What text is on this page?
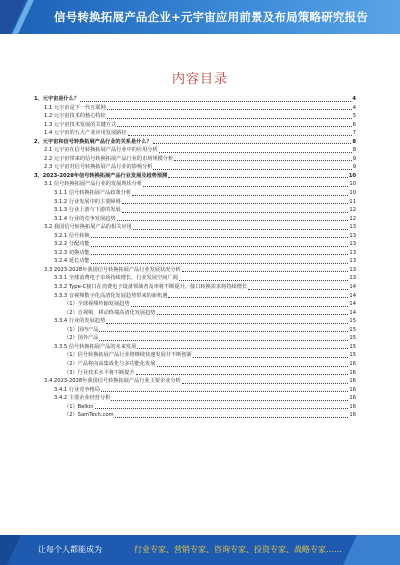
信号转换拓展产品企业+元宇宙应用前景及布局策略研究报告
内容目录
1、元宇宙是什么？	4
1.1 元宇宙是下一代互联网	4
1.2 元宇宙技术的核心特征	5
1.3 元宇宙技术发展的关键方式	6
1.4 元宇宙的五大产业应用发展路径	7
2、元宇宙和信号转换拓展产品行业的关系是什么？	8
2.1 元宇宙在信号转换拓展产品行业中的应用分析	8
2.2 元宇宙带来的信号转换拓展产品行业的市场规模分析	9
2.3 元宇宙对信号转换拓展产品行业的影响分析	9
3、2023-2028年信号转换拓展产品行业发展及趋势预测	10
3.1 信号转换拓展产品行业的发展现状分析	10
3.1.1 信号转换拓展产品政策分析	10
3.1.2 行业发展中的主要障碍	11
3.1.3 行业上游与下游的发展	12
3.1.4 行业的竞争发展趋势	12
3.2 我国信号转换拓展产品的相关应用	13
3.2.1 信号转换	13
3.2.2 分配功能	13
3.2.3 切换功能	13
3.2.4 延长功能	13
3.3 2023-2028年我国信号转换拓展产品行业发展状况分析	13
3.3.1 全球消费电子市场持续增长，行业发展空间广阔	13
3.3.2 Type-C接口在消费电子设备领域普及率将不断提升，接口转换需求将持续增长	14
3.3.3 音视频数字化高清化发展趋势带来的新机遇	14
（1）全球视频传输发展趋势	14
（2）音视频、移动终端高清化发展趋势	14
3.3.4 行业的发展趋势	15
（1）国内产品	15
（2）国外产品	15
3.3.5 信号转换拓展产品的未来发展	15
（1）信号转换拓展产品行业将继续快速发展并不断创新	15
（2）产品将向高集成化与多功能化发展	16
（3）行业技术水平将不断提升	16
3.4 2023-2028年我国信号转换拓展产品行业主要企业分析	16
3.4.1 行业竞争格局	16
3.4.2 主要企业经营分析	16
（1）Belkin	16
（2）SamTech.com	16
让每个人都能成为	行业专家、营销专家、咨询专家、投资专家、战略专家……
